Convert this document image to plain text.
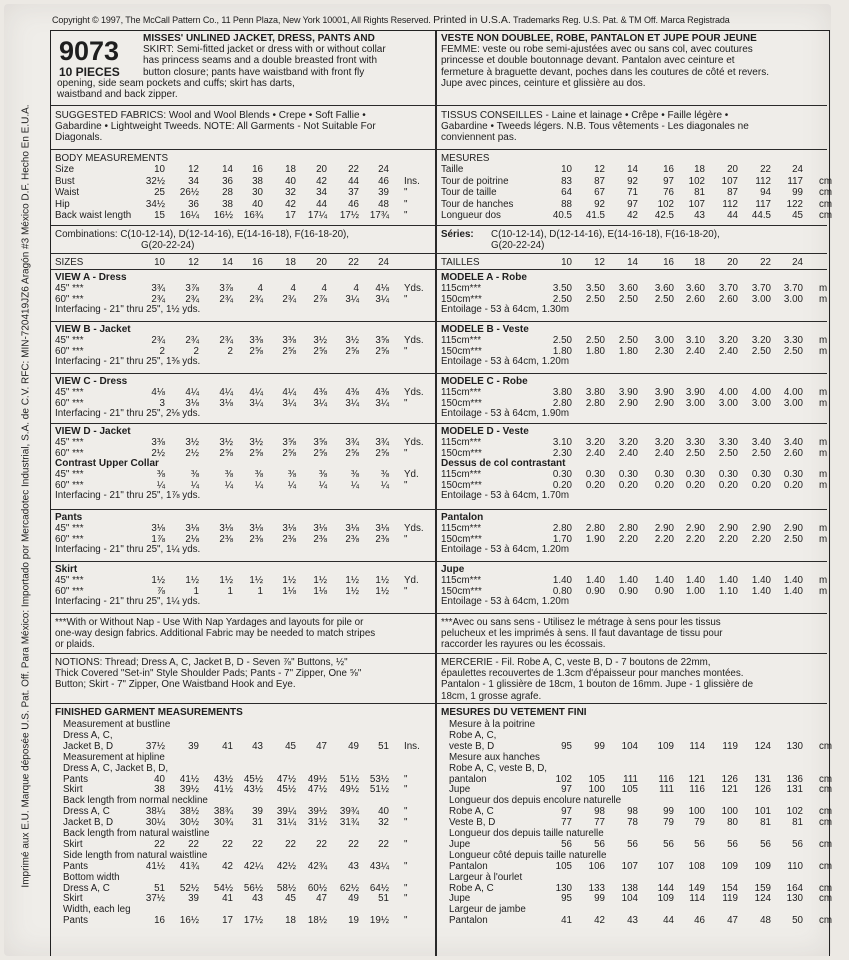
Copyright © 1997, The McCall Pattern Co., 11 Penn Plaza, New York 10001, All Rights Reserved. Printed in U.S.A. Trademarks Reg. U.S. Pat. & TM Off. Marca Registrada
Imprimé aux E.U. Marque déposée U.S. Pat. Off. Para México: Importado por Mercadotec Industrial, S.A. de C.V. RFC: MIN-720419JZ6 Aragón #3 México D.F. Hecho En E.U.A.
9073
10 PIECES
MISSES' UNLINED JACKET, DRESS, PANTS AND
SKIRT: Semi-fitted jacket or dress with or without collar
has princess seams and a double breasted front with
button closure; pants have waistband with front fly
opening, side seam pockets and cuffs; skirt has darts,
waistband and back zipper.
SUGGESTED FABRICS: Wool and Wool Blends • Crepe • Soft Fallie •
Gabardine • Lightweight Tweeds. NOTE: All Garments - Not Suitable For
Diagonals.
BODY MEASUREMENTS
Size	10	12	14	16	18	20	22	24
Bust	32½	34	36	38	40	42	44	46 Ins.
Waist	25	26½	28	30	32	34	37	39 "
Hip	34½	36	38	40	42	44	46	48 "
Back waist length	15	16¼	16½	16¾	17	17¼	17½	17¾ "
Combinations: C(10-12-14), D(12-14-16), E(14-16-18), F(16-18-20),
G(20-22-24)
SIZES	10	12	14	16	18	20	22	24
VIEW A - Dress
45" ***	3¾	3⅞	3⅞	4	4	4	4	4⅛ Yds.
60" ***	2¾	2¾	2¾	2¾	2¾	2⅞	3¼	3¼ "
Interfacing - 21" thru 25", 1½ yds.
VIEW B - Jacket
45" ***	2¾	2¾	2¾	3⅜	3⅜	3½	3½	3⅝ Yds.
60" ***	2	2	2	2⅝	2⅝	2⅝	2⅝	2⅝ "
Interfacing - 21" thru 25", 1⅜ yds.
VIEW C - Dress
45" ***	4⅛	4¼	4¼	4¼	4¼	4⅜	4⅜	4⅜ Yds.
60" ***	3	3⅛	3⅛	3¼	3¼	3¼	3¼	3¼ "
Interfacing - 21" thru 25", 2⅛ yds.
VIEW D - Jacket
45" ***	3⅜	3½	3½	3½	3⅝	3⅝	3¾	3¾ Yds.
60" ***	2½	2½	2⅝	2⅝	2⅝	2⅝	2⅝	2⅝ "
Contrast Upper Collar
45" ***	⅜	⅜	⅜	⅜	⅜	⅜	⅜	⅜ Yd.
60" ***	¼	¼	¼	¼	¼	¼	¼	¼ "
Interfacing - 21" thru 25", 1⅞ yds.
Pants
45" ***	3⅛	3⅛	3⅛	3⅛	3⅛	3⅛	3⅛	3⅛ Yds.
60" ***	1⅞	2⅛	2⅜	2⅜	2⅜	2⅜	2⅜	2⅜ "
Interfacing - 21" thru 25", 1¼ yds.
Skirt
45" ***	1½	1½	1½	1½	1½	1½	1½	1½ Yd.
60" ***	⅞	1	1	1	1⅛	1⅛	1½	1½ "
Interfacing - 21" thru 25", 1¼ yds.
***With or Without Nap - Use With Nap Yardages and layouts for pile or
one-way design fabrics. Additional Fabric may be needed to match stripes
or plaids.
NOTIONS: Thread; Dress A, C, Jacket B, D - Seven ⅞" Buttons, ½"
Thick Covered "Set-in" Style Shoulder Pads; Pants - 7" Zipper, One ⅝"
Button; Skirt - 7" Zipper, One Waistband Hook and Eye.
FINISHED GARMENT MEASUREMENTS
Measurement at bustline
Dress A, C,
Jacket B, D	37½	39	41	43	45	47	49	51 Ins.
Measurement at hipline
Dress A, C, Jacket B, D,
Pants	40	41½	43½	45½	47½	49½	51½	53½ "
Skirt	38	39½	41½	43½	45½	47½	49½	51½ "
Back length from normal neckline
Dress A, C	38¼	38½	38¾	39	39¼	39½	39¾	40 "
Jacket B, D	30¼	30½	30¾	31	31¼	31½	31¾	32 "
Back length from natural waistline
Skirt	22	22	22	22	22	22	22	22 "
Side length from natural waistline
Pants	41½	41¾	42	42¼	42½	42¾	43	43¼ "
Bottom width
Dress A, C	51	52½	54½	56½	58½	60½	62½	64½ "
Skirt	37½	39	41	43	45	47	49	51 "
Width, each leg
Pants	16	16½	17	17½	18	18½	19	19½ "
VESTE NON DOUBLEE, ROBE, PANTALON ET JUPE POUR JEUNE
FEMME: veste ou robe semi-ajustées avec ou sans col, avec coutures
princesse et double boutonnage devant. Pantalon avec ceinture et
fermeture à braguette devant, poches dans les coutures de côté et revers.
Jupe avec pinces, ceinture et glissière au dos.
TISSUS CONSEILLES - Laine et lainage • Crêpe • Faille légère •
Gabardine • Tweeds légers. N.B. Tous vêtements - Les diagonales ne
conviennent pas.
MESURES
Taille	10	12	14	16	18	20	22	24
Tour de poitrine	83	87	92	97	102	107	112	117 cm
Tour de taille	64	67	71	76	81	87	94	99 cm
Tour de hanches	88	92	97	102	107	112	117	122 cm
Longueur dos	40.5	41.5	42	42.5	43	44	44.5	45 cm
Séries: C(10-12-14), D(12-14-16), E(14-16-18), F(16-18-20),
G(20-22-24)
TAILLES	10	12	14	16	18	20	22	24
MODELE A - Robe
115cm***	3.50	3.50	3.60	3.60	3.60	3.70	3.70	3.70 m
150cm***	2.50	2.50	2.50	2.50	2.60	2.60	3.00	3.00 m
Entoilage - 53 à 64cm, 1.30m
MODELE B - Veste
115cm***	2.50	2.50	2.50	3.00	3.10	3.20	3.20	3.30 m
150cm***	1.80	1.80	1.80	2.30	2.40	2.40	2.50	2.50 m
Entoilage - 53 à 64cm, 1.20m
MODELE C - Robe
115cm***	3.80	3.80	3.90	3.90	3.90	4.00	4.00	4.00 m
150cm***	2.80	2.80	2.90	2.90	3.00	3.00	3.00	3.00 m
Entoilage - 53 à 64cm, 1.90m
MODELE D - Veste
115cm***	3.10	3.20	3.20	3.20	3.30	3.30	3.40	3.40 m
150cm***	2.30	2.40	2.40	2.40	2.50	2.50	2.50	2.60 m
Dessus de col contrastant
115cm***	0.30	0.30	0.30	0.30	0.30	0.30	0.30	0.30 m
150cm***	0.20	0.20	0.20	0.20	0.20	0.20	0.20	0.20 m
Entoilage - 53 à 64cm, 1.70m
Pantalon
115cm***	2.80	2.80	2.80	2.90	2.90	2.90	2.90	2.90 m
150cm***	1.70	1.90	2.20	2.20	2.20	2.20	2.20	2.50 m
Entoilage - 53 à 64cm, 1.20m
Jupe
115cm***	1.40	1.40	1.40	1.40	1.40	1.40	1.40	1.40 m
150cm***	0.80	0.90	0.90	0.90	1.00	1.10	1.40	1.40 m
Entoilage - 53 à 64cm, 1.20m
***Avec ou sans sens - Utilisez le métrage à sens pour les tissus
pelucheux et les imprimés à sens. Il faut davantage de tissu pour
raccorder les rayures ou les écossais.
MERCERIE - Fil. Robe A, C, veste B, D - 7 boutons de 22mm,
épaulettes recouvertes de 1.3cm d'épaisseur pour manches montées.
Pantalon - 1 glissière de 18cm, 1 bouton de 16mm. Jupe - 1 glissière de
18cm, 1 grosse agrafe.
MESURES DU VETEMENT FINI
Mesure à la poitrine
Robe A, C,
veste B, D	95	99	104	109	114	119	124	130 cm
Mesure aux hanches
Robe A, C, veste B, D,
pantalon	102	105	111	116	121	126	131	136 cm
Jupe	97	100	105	111	116	121	126	131 cm
Longueur dos depuis encolure naturelle
Robe A, C	97	98	98	99	100	100	101	102 cm
Veste B, D	77	77	78	79	79	80	81	81 cm
Longueur dos depuis taille naturelle
Jupe	56	56	56	56	56	56	56	56 cm
Longueur côté depuis taille naturelle
Pantalon	105	106	107	107	108	109	109	110 cm
Largeur à l'ourlet
Robe A, C	130	133	138	144	149	154	159	164 cm
Jupe	95	99	104	109	114	119	124	130 cm
Largeur de jambe
Pantalon	41	42	43	44	46	47	48	50 cm
